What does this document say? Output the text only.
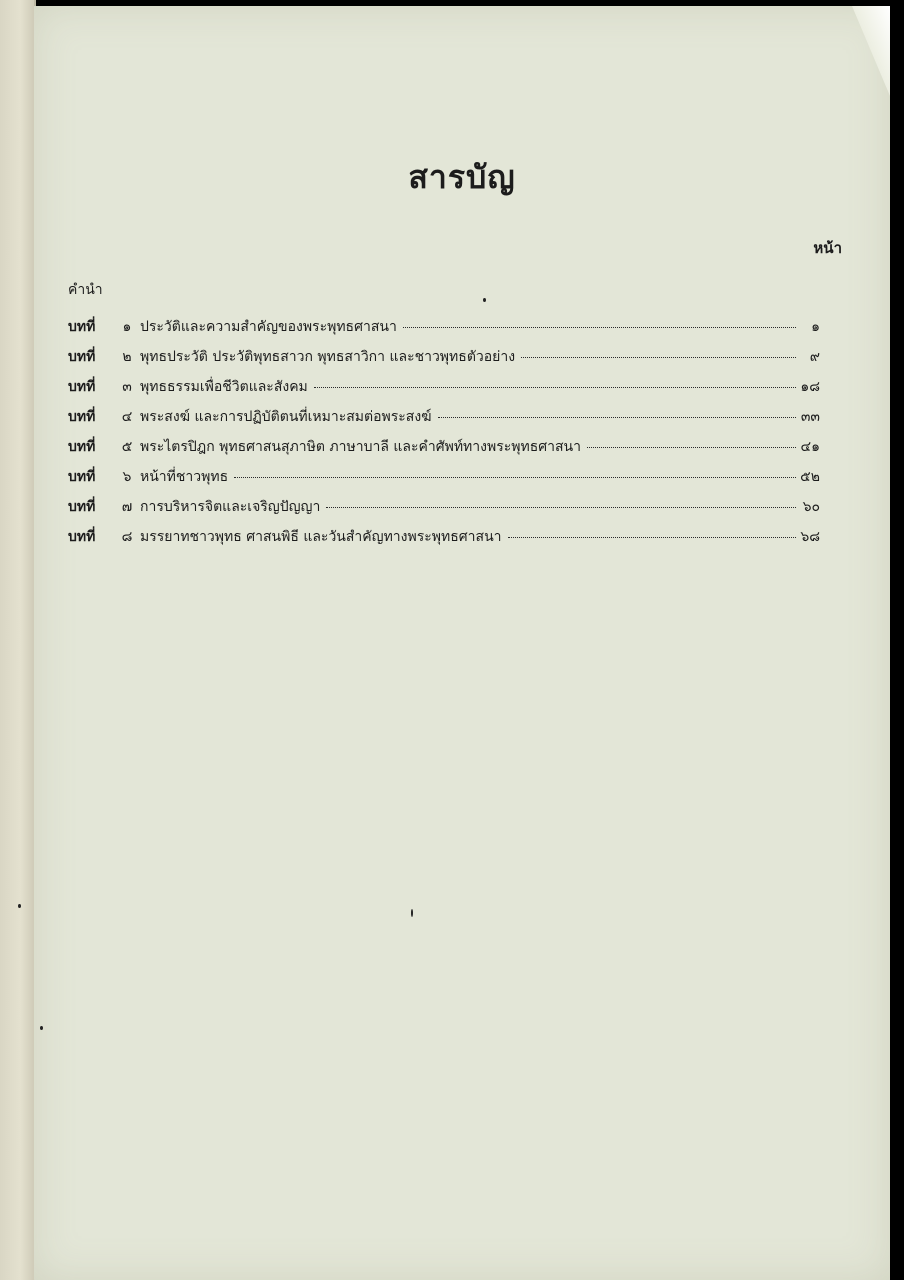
สารบัญ
หน้า
คำนำ
บทที่	๑ ประวัติและความสำคัญของพระพุทธศาสนา	๑
บทที่	๒ พุทธประวัติ ประวัติพุทธสาวก พุทธสาวิกา และชาวพุทธตัวอย่าง	๙
บทที่	๓ พุทธธรรมเพื่อชีวิตและสังคม	๑๘
บทที่	๔ พระสงฆ์ และการปฏิบัติตนที่เหมาะสมต่อพระสงฆ์	๓๓
บทที่	๕ พระไตรปิฎก พุทธศาสนสุภาษิต ภาษาบาลี และคำศัพท์ทางพระพุทธศาสนา	๔๑
บทที่	๖ หน้าที่ชาวพุทธ	๕๒
บทที่	๗ การบริหารจิตและเจริญปัญญา	๖๐
บทที่	๘ มรรยาทชาวพุทธ ศาสนพิธี และวันสำคัญทางพระพุทธศาสนา	๖๘
